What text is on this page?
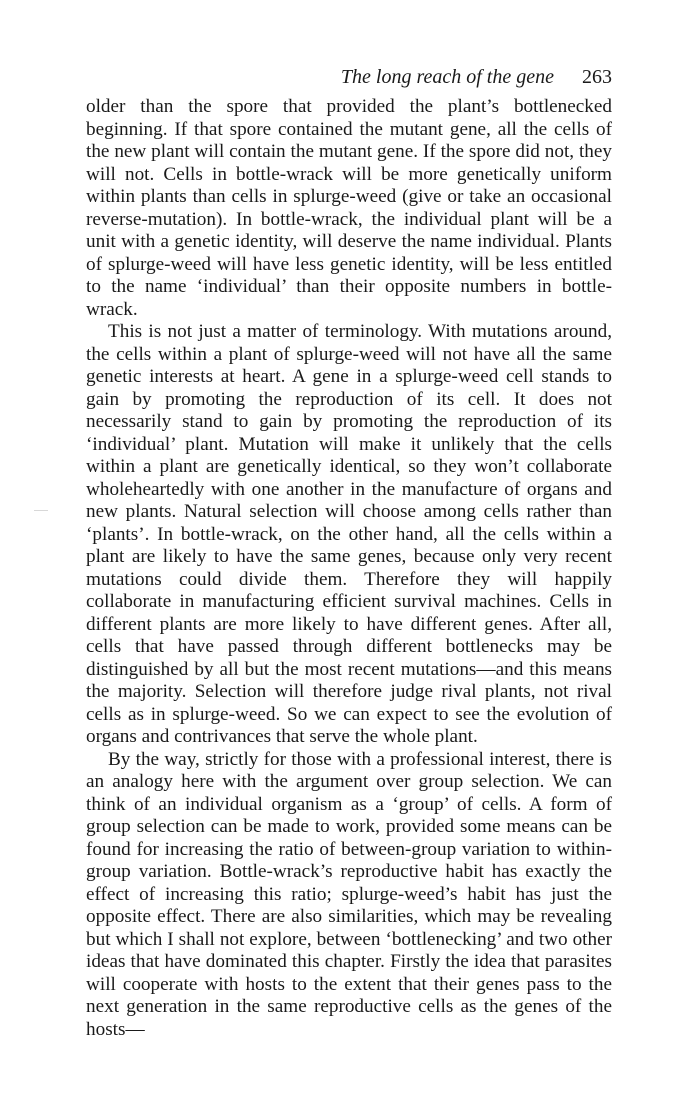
The long reach of the gene 263

older than the spore that provided the plant’s bottlenecked beginning. If that spore contained the mutant gene, all the cells of the new plant will contain the mutant gene. If the spore did not, they will not. Cells in bottle-wrack will be more genetically uniform within plants than cells in splurge-weed (give or take an occasional reverse-mutation). In bottle-wrack, the individual plant will be a unit with a genetic identity, will deserve the name individual. Plants of splurge-weed will have less genetic identity, will be less entitled to the name ‘individual’ than their opposite numbers in bottle-wrack.

This is not just a matter of terminology. With mutations around, the cells within a plant of splurge-weed will not have all the same genetic interests at heart. A gene in a splurge-weed cell stands to gain by promoting the reproduction of its cell. It does not necessarily stand to gain by promoting the reproduction of its ‘individual’ plant. Mutation will make it unlikely that the cells within a plant are genetically identical, so they won’t collaborate wholeheartedly with one another in the manufacture of organs and new plants. Natural selection will choose among cells rather than ‘plants’. In bottle-wrack, on the other hand, all the cells within a plant are likely to have the same genes, because only very recent mutations could divide them. Therefore they will happily collaborate in manufacturing efficient survival machines. Cells in different plants are more likely to have different genes. After all, cells that have passed through different bottlenecks may be distinguished by all but the most recent mutations—and this means the majority. Selection will therefore judge rival plants, not rival cells as in splurge-weed. So we can expect to see the evolution of organs and contrivances that serve the whole plant.

By the way, strictly for those with a professional interest, there is an analogy here with the argument over group selection. We can think of an individual organism as a ‘group’ of cells. A form of group selection can be made to work, provided some means can be found for increasing the ratio of between-group variation to within-group variation. Bottle-wrack’s reproductive habit has exactly the effect of increasing this ratio; splurge-weed’s habit has just the opposite effect. There are also similarities, which may be revealing but which I shall not explore, between ‘bottlenecking’ and two other ideas that have dominated this chapter. Firstly the idea that parasites will cooperate with hosts to the extent that their genes pass to the next generation in the same reproductive cells as the genes of the hosts—
